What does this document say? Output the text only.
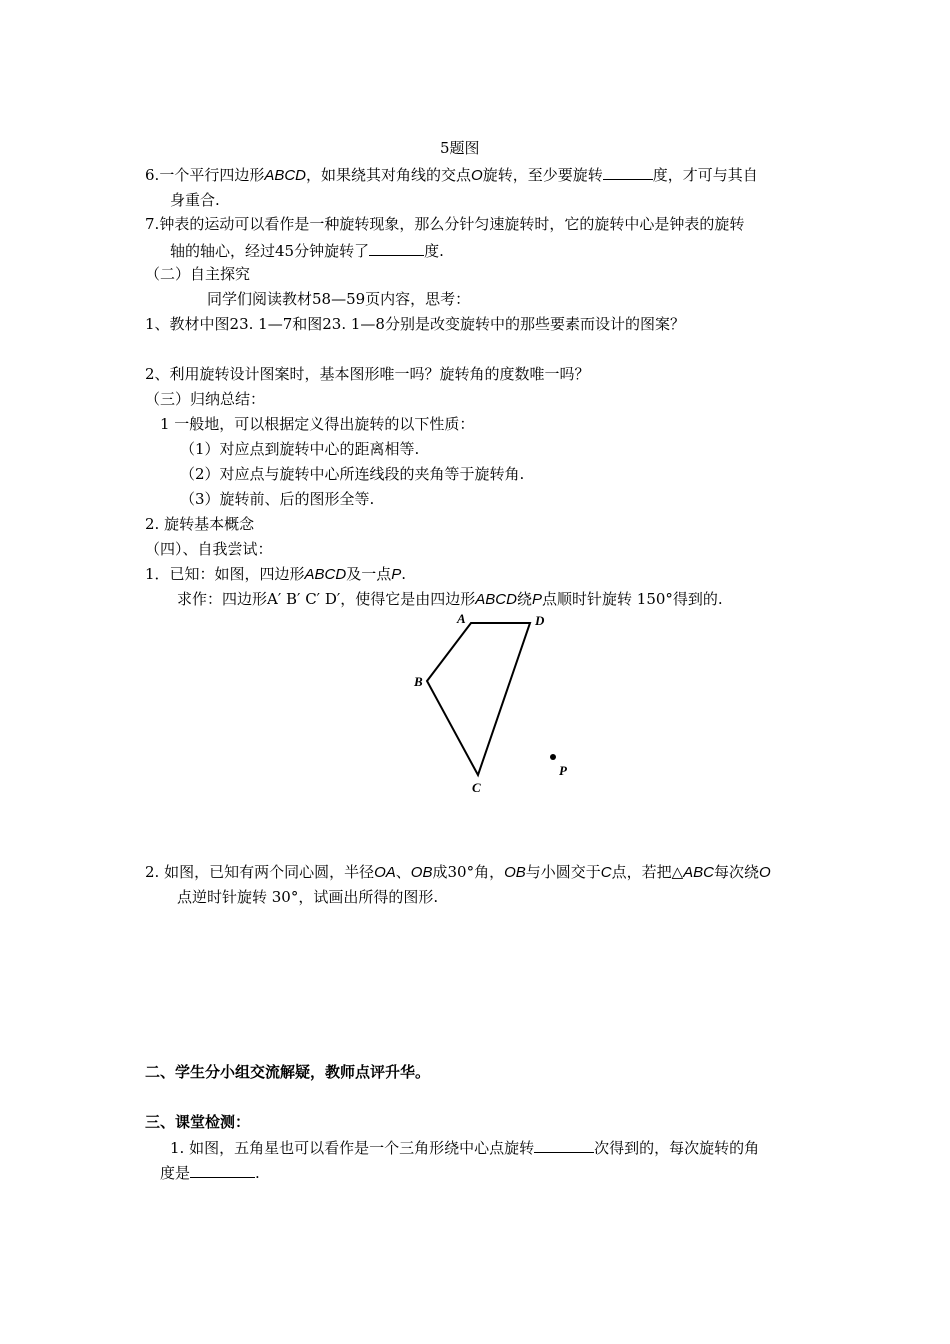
5题图
6.一个平行四边形ABCD，如果绕其对角线的交点O旋转，至少要旋转	度，才可与其自
身重合.
7.钟表的运动可以看作是一种旋转现象，那么分针匀速旋转时，它的旋转中心是钟表的旋转
轴的轴心，经过45分钟旋转了	度.
（二）自主探究
同学们阅读教材58—59页内容，思考：
1、教材中图23. 1—7和图23. 1—8分别是改变旋转中的那些要素而设计的图案？
2、利用旋转设计图案时，基本图形唯一吗？旋转角的度数唯一吗？
（三）归纳总结：
1 一般地，可以根据定义得出旋转的以下性质：
（1）对应点到旋转中心的距离相等.
（2）对应点与旋转中心所连线段的夹角等于旋转角.
（3）旋转前、后的图形全等.
2. 旋转基本概念
（四）、自我尝试：
1．已知：如图，四边形ABCD及一点P.
求作：四边形A′ B′ C′ D′，使得它是由四边形ABCD绕P点顺时针旋转 150°得到的.
A	D
B
C
P
2. 如图，已知有两个同心圆，半径OA、OB成30°角，OB与小圆交于C点，若把△ABC每次绕O
点逆时针旋转 30°，试画出所得的图形.
二、学生分小组交流解疑，教师点评升华。
三、课堂检测：
1. 如图，五角星也可以看作是一个三角形绕中心点旋转	次得到的，每次旋转的角
度是	.
